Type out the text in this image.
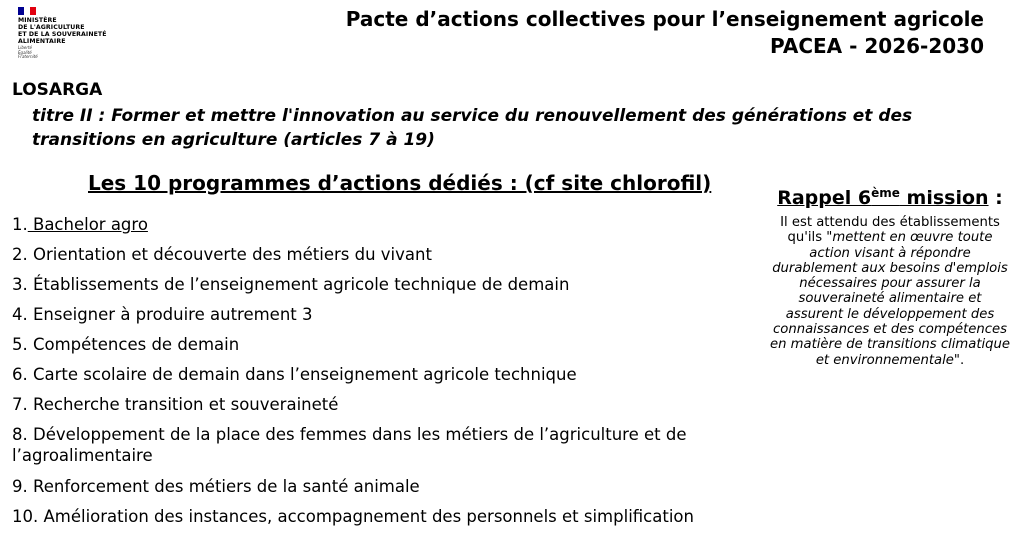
MINISTÈRE
DE L'AGRICULTURE
ET DE LA SOUVERAINETÉ
ALIMENTAIRE
Liberté
Égalité
Fraternité
Pacte d’actions collectives pour l’enseignement agricole
PACEA - 2026-2030
LOSARGA
titre II : Former et mettre l'innovation au service du renouvellement des générations et des transitions en agriculture (articles 7 à 19)
Les 10 programmes d’actions dédiés : (cf site chlorofil)
1. Bachelor agro
2. Orientation et découverte des métiers du vivant
3. Établissements de l’enseignement agricole technique de demain
4. Enseigner à produire autrement 3
5. Compétences de demain
6. Carte scolaire de demain dans l’enseignement agricole technique
7. Recherche transition et souveraineté
8. Développement de la place des femmes dans les métiers de l’agriculture et de l’agroalimentaire
9. Renforcement des métiers de la santé animale
10. Amélioration des instances, accompagnement des personnels et simplification
Rappel 6ème mission :
Il est attendu des établissements qu'ils "mettent en œuvre toute action visant à répondre durablement aux besoins d'emplois nécessaires pour assurer la souveraineté alimentaire et assurent le développement des connaissances et des compétences en matière de transitions climatique et environnementale".
